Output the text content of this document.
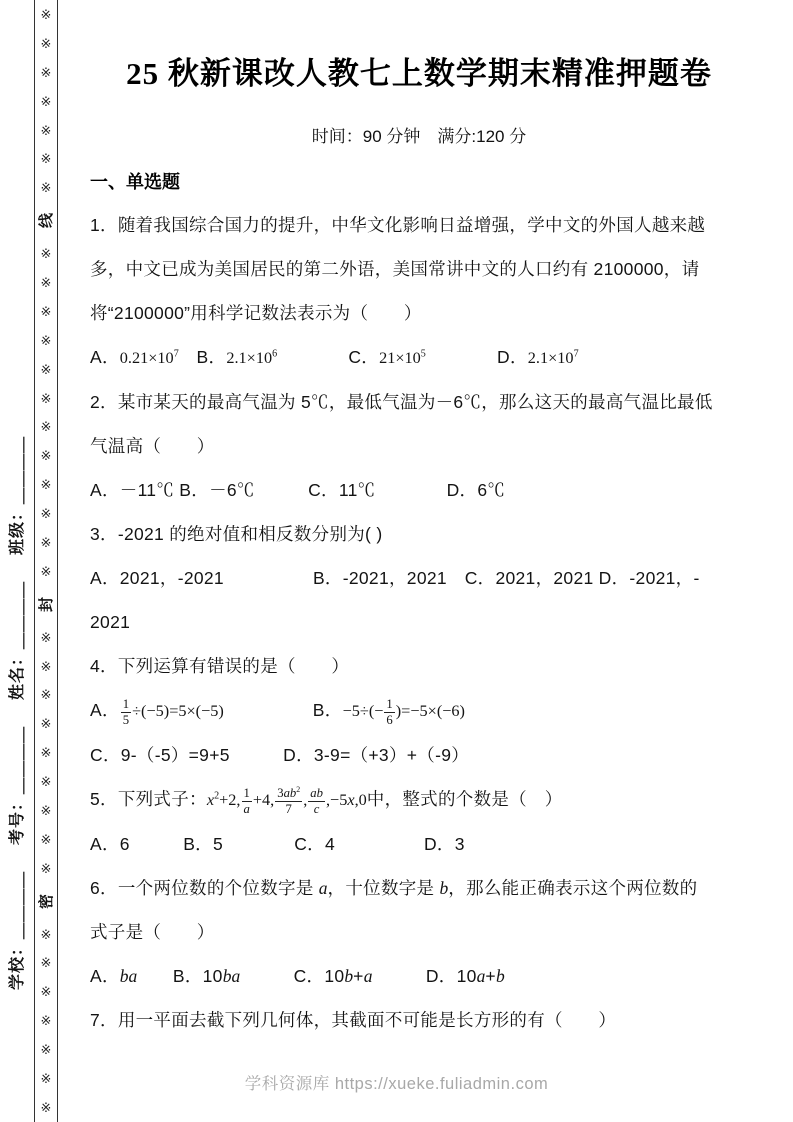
※
※
※
※
※
※
※
线
※
※
※
※
※
※
※
※
※
※
※
※
封
※
※
※
※
※
※
※
※
※
密
※
※
※
※
※
※
※
班级：＿＿＿＿
姓名：＿＿＿＿
考号：＿＿＿＿
学校：＿＿＿＿
25 秋新课改人教七上数学期末精准押题卷
时间：90 分钟　满分:120 分
一、单选题
1．随着我国综合国力的提升，中华文化影响日益增强，学中文的外国人越来越
多，中文已成为美国居民的第二外语，美国常讲中文的人口约有 2100000，请
将“2100000”用科学记数法表示为（　　）
A．$0.21\times 10^7$　B．$2.1\times 10^6$　　　　C．$21\times 10^5$　　　　D．$2.1\times 10^7$
2．某市某天的最高气温为 5℃，最低气温为－6℃，那么这天的最高气温比最低
气温高（　　）
A．－11℃ B．－6℃　　　C．11℃　　　　D．6℃
3．-2021 的绝对值和相反数分别为( )
A．2021，-2021　　　　　B．-2021，2021　C．2021，2021 D．-2021，-
2021
4．下列运算有错误的是（　　）
A． $\frac{1}{5} \div(-5)=5\times(-5)$　　　　　B．$-5\div(- \frac{1}{6} )=-5\times(-6)$
C．9-（-5）=9+5　　　D．3-9=（+3）+（-9）
5．下列式子：$x^2+2$, $\frac{1}{a} +4$, $\frac{3ab^2}{7}$ , $\frac{ab}{c} ,-5x,0$中，整式的个数是（　）
A．6　　　B．5　　　　C．4　　　　　D．3
6．一个两位数的个位数字是 a，十位数字是 b，那么能正确表示这个两位数的
式子是（　　）
A．ba　　B．10ba　　　C．10b+a　　　D．10a+b
7．用一平面去截下列几何体，其截面不可能是长方形的有（　　）
学科资源库 https://xueke.fuliadmin.com
